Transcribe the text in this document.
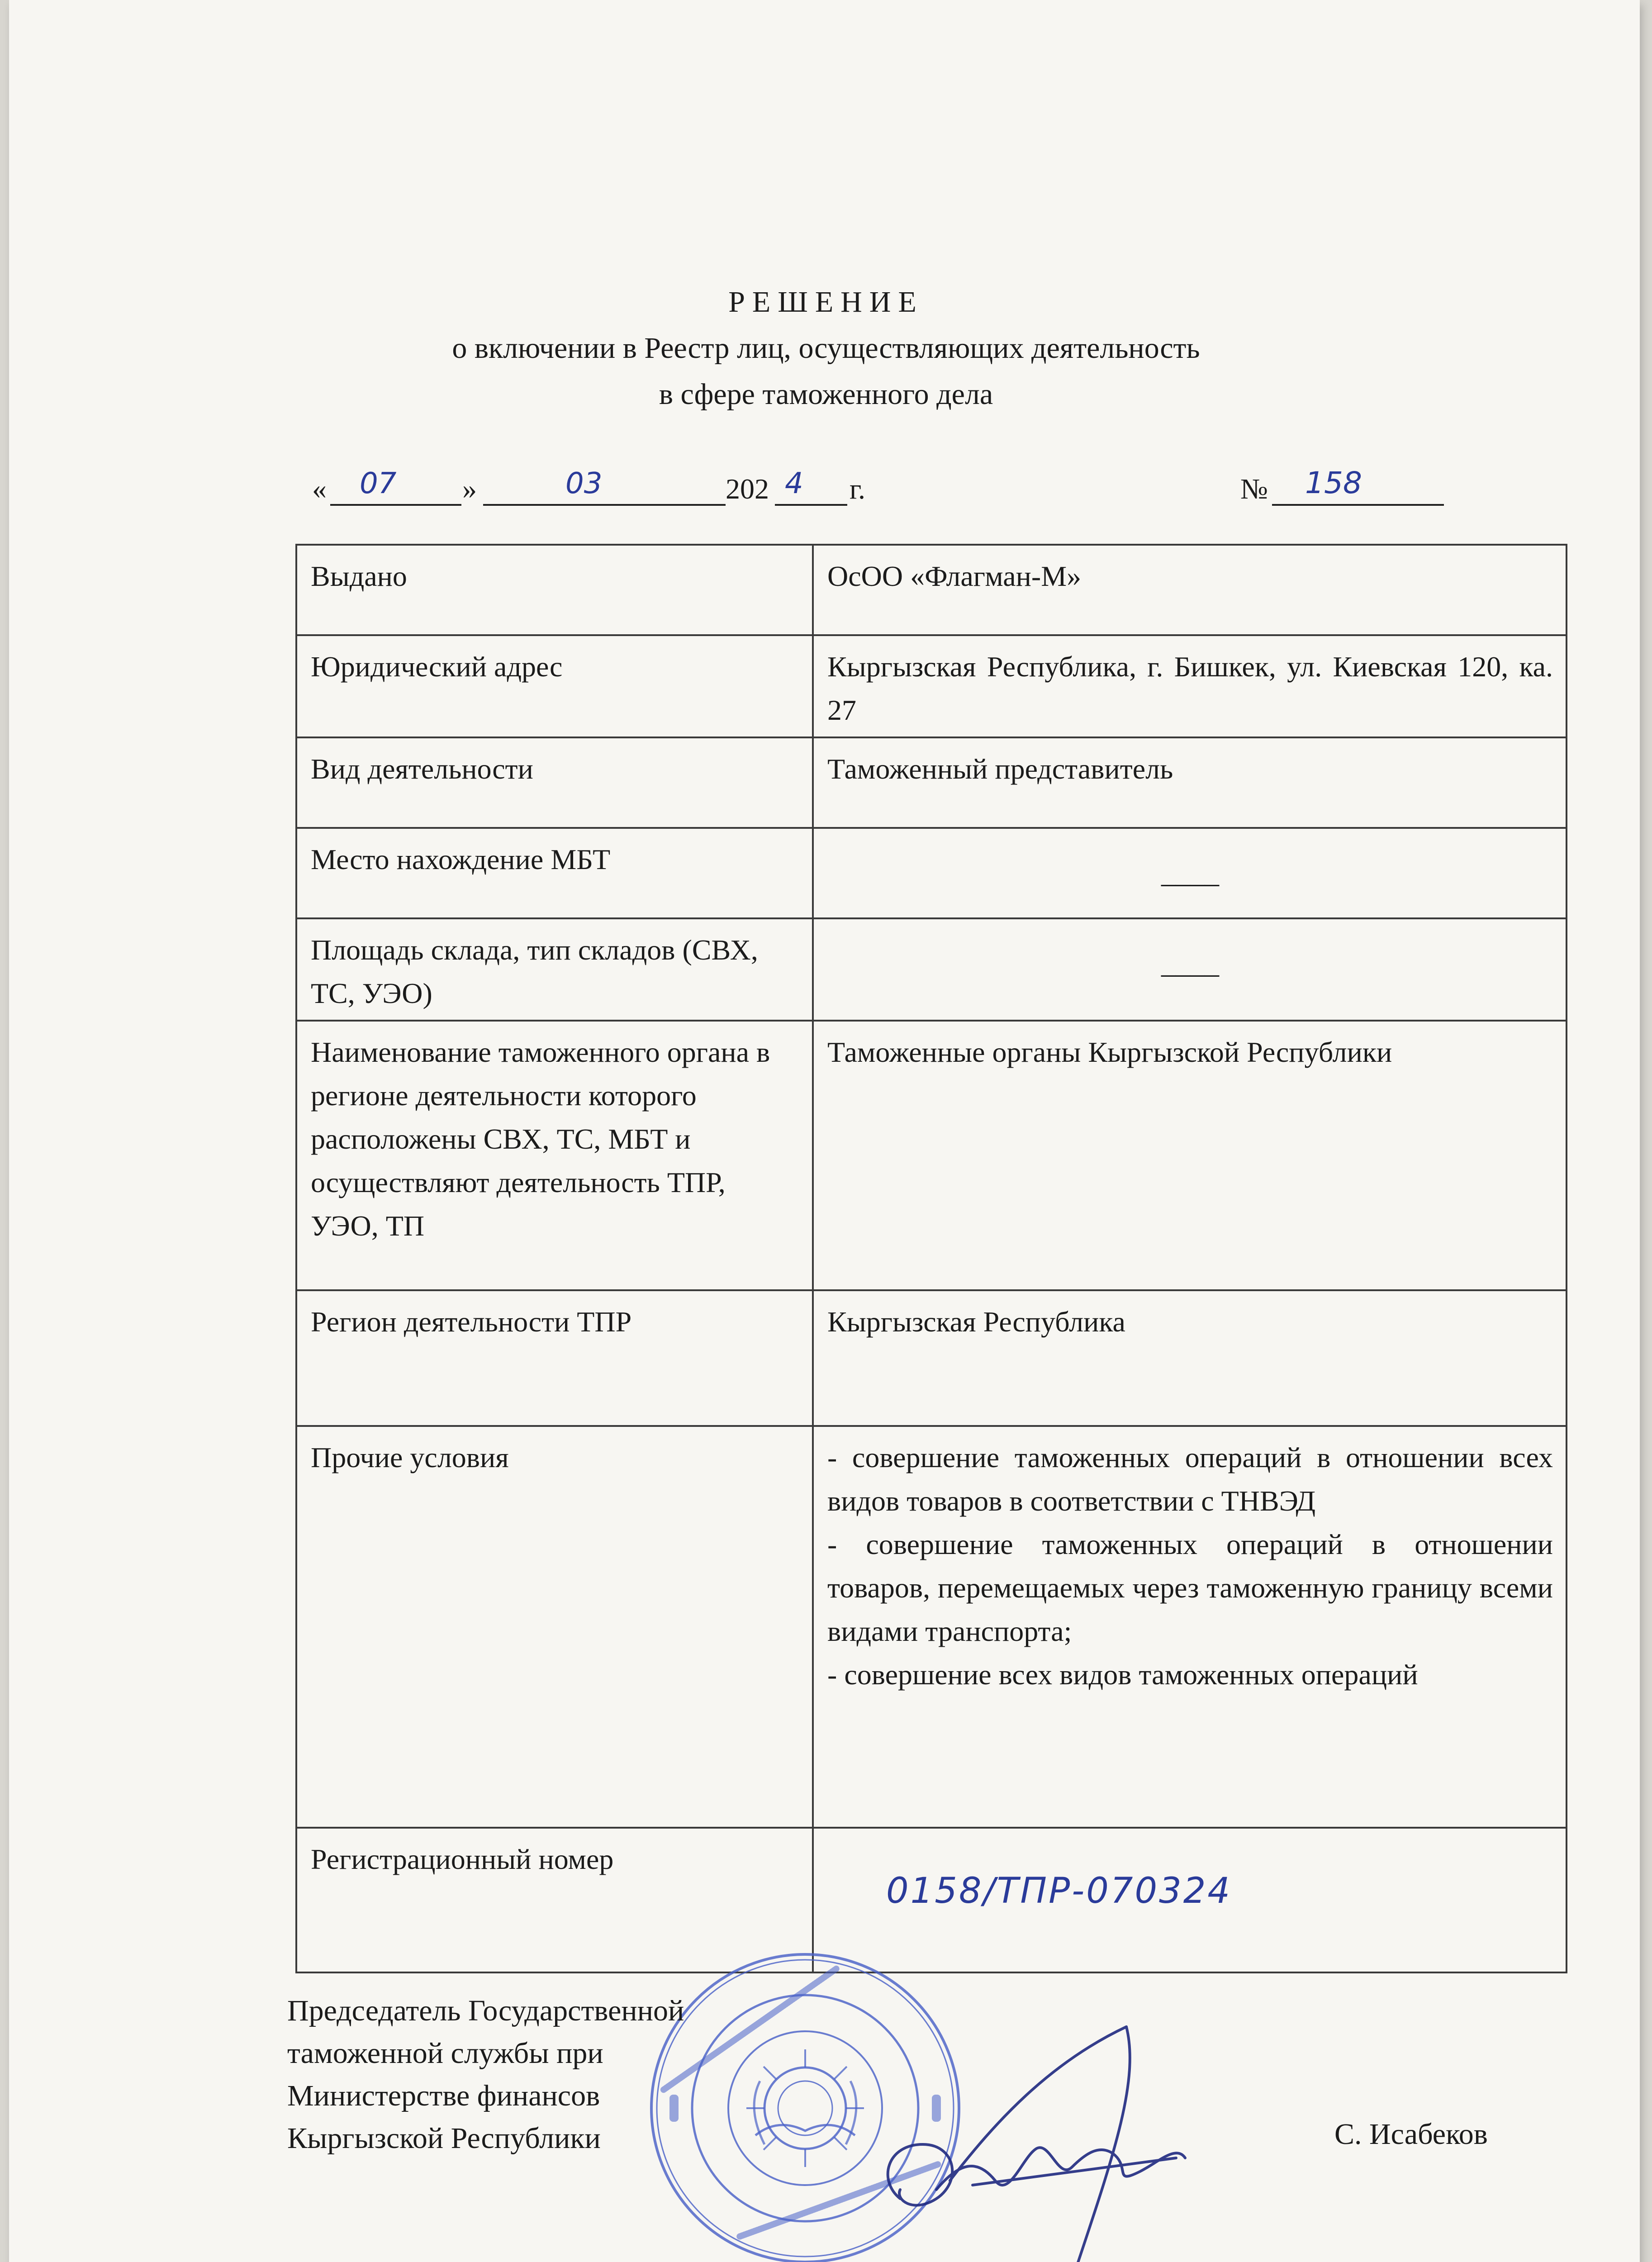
РЕШЕНИЕ
о включении в Реестр лиц, осуществляющих деятельность
в сфере таможенного дела
« 07 »	03	202 4 г.	№ 158
Выдано	ОсОО «Флагман-М»
Юридический адрес	Кыргызская Республика, г. Бишкек, ул. Киевская 120, ка. 27
Вид деятельности	Таможенный представитель
Место нахождение МБТ	____

Площадь склада, тип складов (СВХ, ТС, УЭО)	____

Наименование таможенного органа в регионе деятельности которого расположены СВХ, ТС, МБТ и осуществляют деятельность ТПР, УЭО, ТП	Таможенные органы Кыргызской Республики
Регион деятельности ТПР	Кыргызская Республика
Прочие условия	- совершение таможенных операций в отношении всех видов товаров в соответствии с ТНВЭД
- совершение таможенных операций в отношении товаров, перемещаемых через таможенную границу всеми видами транспорта;
- совершение всех видов таможенных операций

Регистрационный номер	0158/ТПР-070324
Председатель Государственной
таможенной службы при
Министерстве финансов
Кыргызской Республики	С. Исабеков
